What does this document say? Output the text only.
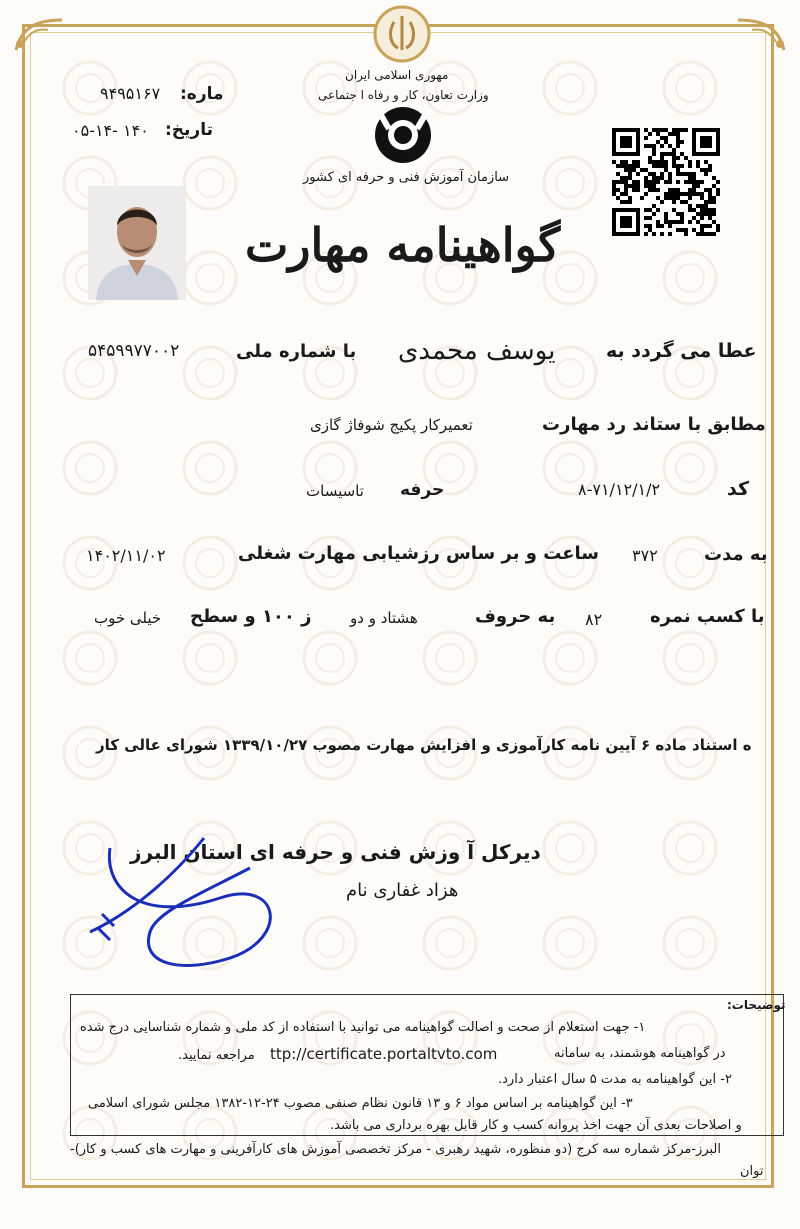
مهوری اسلامی ایران
وزارت تعاون، کار و رفاه ا جتماعی
سازمان آموزش فنی و حرفه ای کشور
ماره:
۹۴۹۵۱۶۷
تاریخ:
۱۴۰ -۰۵-۱۴
گواهینامه مهارت
عطا می گردد به
یوسف محمدی
با شماره ملی
۵۴۵۹۹۷۷۰۰۲
مطابق با ستاند رد مهارت
تعمیرکار پکیج شوفاژ گازی
کد
۸-۷۱/۱۲/۱/۲
حرفه
تاسیسات
به مدت
۳۷۲
ساعت و بر ساس رزشیابی مهارت شغلی
۱۴۰۲/۱۱/۰۲
با کسب نمره
۸۲
به حروف
هشتاد و دو
ز ۱۰۰ و سطح
خیلی خوب
ه استناد ماده ۶ آیین نامه کارآموزی و افزایش مهارت مصوب ۱۳۳۹/۱۰/۲۷ شورای عالی کار
دیرکل آ وزش فنی و حرفه ای استان البرز
هزاد غفاری نام
توضیحات:
۱- جهت استعلام از صحت و اصالت گواهینامه می توانید با استفاده از کد ملی و شماره شناسایی درج شده
در گواهینامه هوشمند، به سامانه
ttp://certificate.portaltvto.com
مراجعه نمایید.
۲- این گواهینامه به مدت ۵ سال اعتبار دارد.
۳- این گواهینامه بر اساس مواد ۶ و ۱۳ قانون نظام صنفی مصوب ۲۴-۱۲-۱۳۸۲ مجلس شورای اسلامی
و اصلاحات بعدی آن جهت اخذ پروانه کسب و کار قابل بهره برداری می باشد.
البرز-مرکز شماره سه کرج (دو منظوره، شهید رهبری - مرکز تخصصی آموزش های کارآفرینی و مهارت های کسب و کار)-
توان
